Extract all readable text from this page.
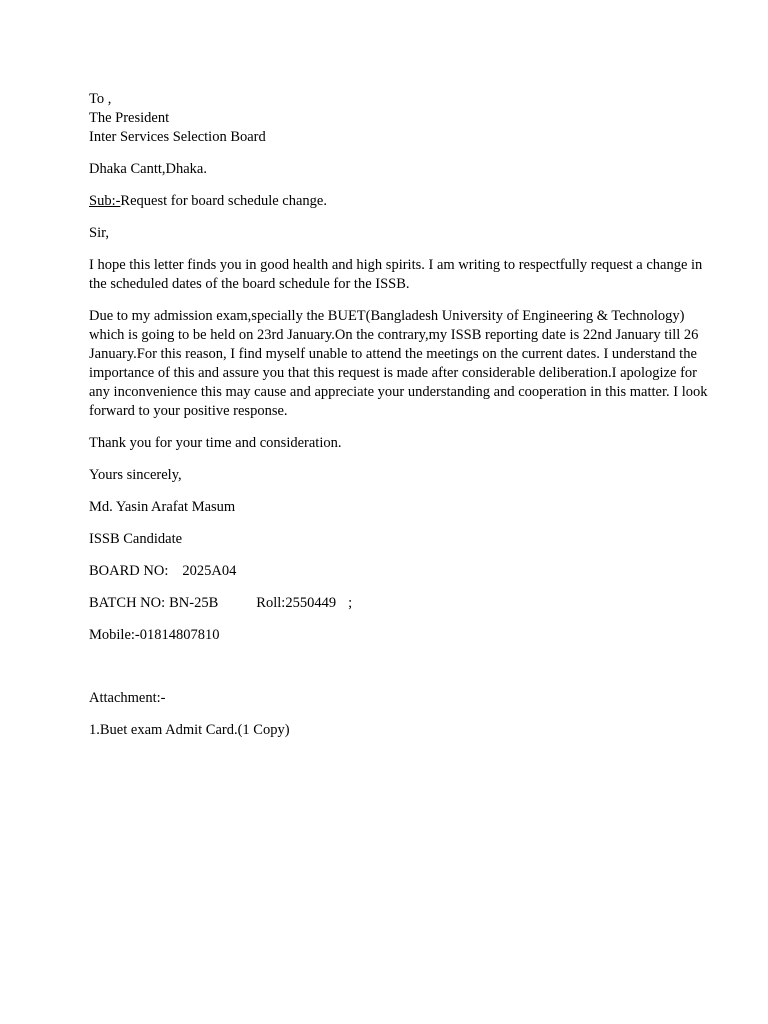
To ,
The President
Inter Services Selection Board
Dhaka Cantt,Dhaka.
Sub:-Request for board schedule change.
Sir,
I hope this letter finds you in good health and high spirits. I am writing to respectfully request a change in
the scheduled dates of the board schedule for the ISSB.
Due to my admission exam,specially the BUET(Bangladesh University of Engineering & Technology)
which is going to be held on 23rd January.On the contrary,my ISSB reporting date is 22nd January till 26
January.For this reason, I find myself unable to attend the meetings on the current dates. I understand the
importance of this and assure you that this request is made after considerable deliberation.I apologize for
any inconvenience this may cause and appreciate your understanding and cooperation in this matter. I look
forward to your positive response.
Thank you for your time and consideration.
Yours sincerely,
Md. Yasin Arafat Masum
ISSB Candidate
BOARD NO: 2025A04
BATCH NO: BN-25B	Roll:2550449 ;
Mobile:-01814807810
Attachment:-
1.Buet exam Admit Card.(1 Copy)
